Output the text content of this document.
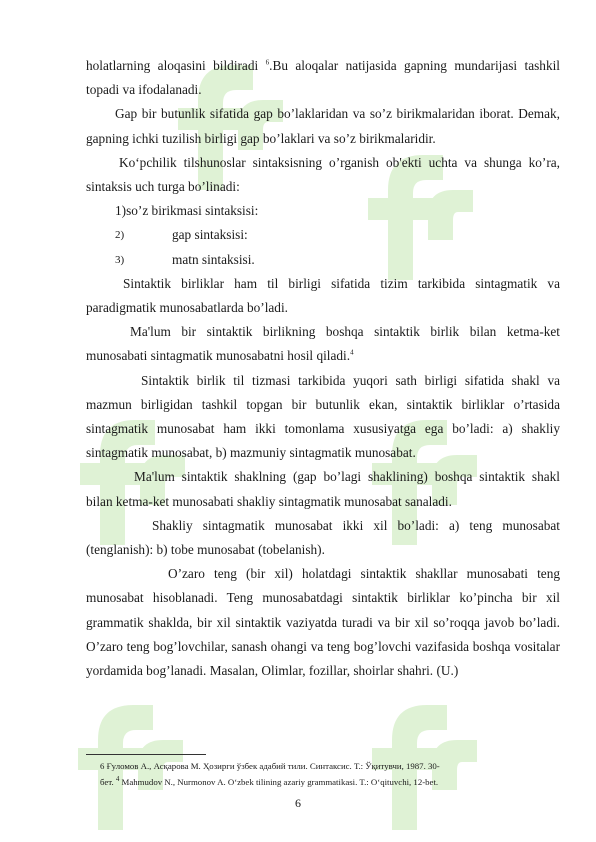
holatlarning aloqasini bildiradi $^6$.Bu aloqalar natijasida gapning mundarijasi tashkil topadi va ifodalanadi.

Gap bir butunlik sifatida gap bo’laklaridan va so’z birikmalaridan iborat. Demak, gapning ichki tuzilish birligi gap bo’laklari va so’z birikmalaridir.

Ko‘pchilik tilshunoslar sintaksisning o’rganish ob'ekti uchta va shunga ko’ra, sintaksis uch turga bo’linadi:

1)so’z birikmasi sintaksisi:

2)	gap sintaksisi:
3)	matn sintaksisi.

Sintaktik birliklar ham til birligi sifatida tizim tarkibida sintagmatik va paradigmatik munosabatlarda bo’ladi.

Ma'lum bir sintaktik birlikning boshqa sintaktik birlik bilan ketma-ket munosabati sintagmatik munosabatni hosil qiladi.$^4$

Sintaktik birlik til tizmasi tarkibida yuqori sath birligi sifatida shakl va mazmun birligidan tashkil topgan bir butunlik ekan, sintaktik birliklar o’rtasida sintagmatik munosabat ham ikki tomonlama xususiyatga ega bo’ladi: a) shakliy sintagmatik munosabat, b) mazmuniy sintagmatik munosabat.

Ma'lum sintaktik shaklning (gap bo’lagi shaklining) boshqa sintaktik shakl bilan ketma-ket munosabati shakliy sintagmatik munosabat sanaladi.

Shakliy sintagmatik munosabat ikki xil bo’ladi: a) teng munosabat (tenglanish): b) tobe munosabat (tobelanish).

O’zaro teng (bir xil) holatdagi sintaktik shakllar munosabati teng munosabat hisoblanadi. Teng munosabatdagi sintaktik birliklar ko’pincha bir xil grammatik shaklda, bir xil sintaktik vaziyatda turadi va bir xil so’roqqa javob bo’ladi. O’zaro teng bog’lovchilar, sanash ohangi va teng bog’lovchi vazifasida boshqa vositalar yordamida bog’lanadi. Masalan, Olimlar, fozillar, shoirlar shahri. (U.)

6 Ғуломов А., Асқарова М. Ҳозирги ўзбек адабий тили. Синтаксис. Т.: Ўқитувчи, 1987. 30-

бет. $^4$ Mahmudov N., Nurmonov A. O‘zbek tilining azariy grammatikasi. T.: O‘qituvchi, 12-bet.

6
